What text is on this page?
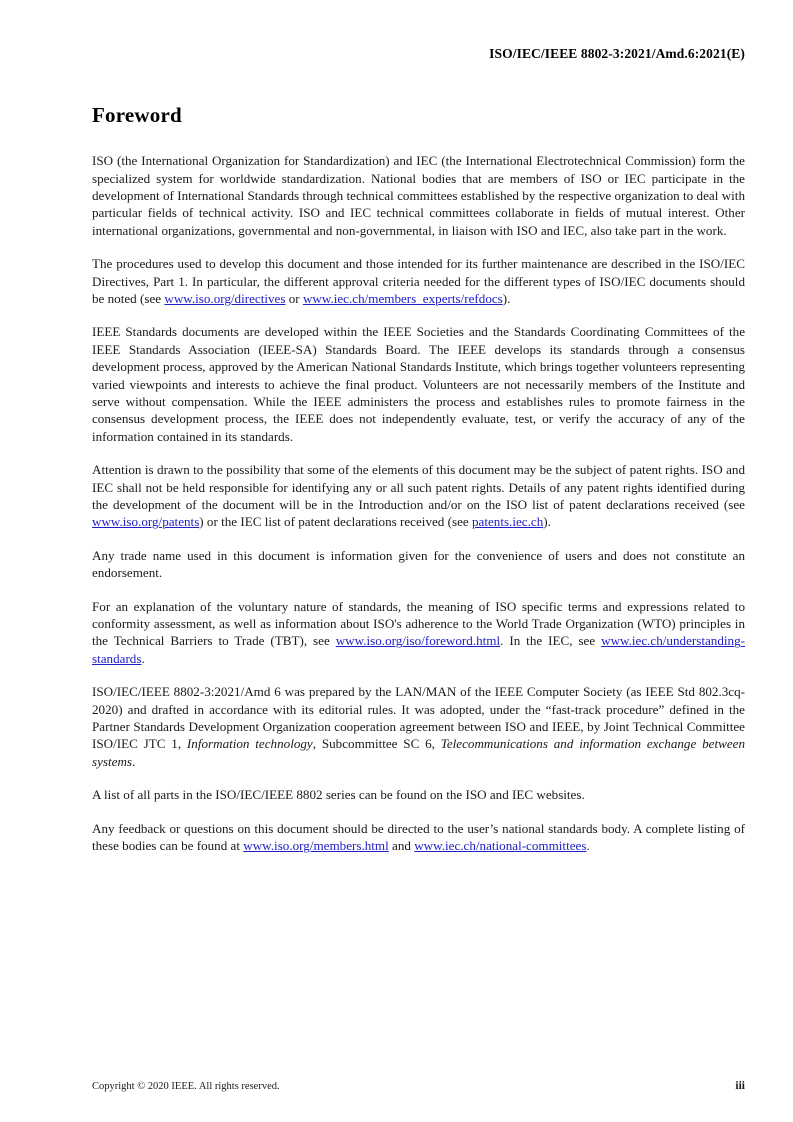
ISO/IEC/IEEE 8802-3:2021/Amd.6:2021(E)
Foreword

ISO (the International Organization for Standardization) and IEC (the International Electrotechnical Commission) form the specialized system for worldwide standardization. National bodies that are members of ISO or IEC participate in the development of International Standards through technical committees established by the respective organization to deal with particular fields of technical activity. ISO and IEC technical committees collaborate in fields of mutual interest. Other international organizations, governmental and non-governmental, in liaison with ISO and IEC, also take part in the work.

The procedures used to develop this document and those intended for its further maintenance are described in the ISO/IEC Directives, Part 1. In particular, the different approval criteria needed for the different types of ISO/IEC documents should be noted (see www.iso.org/directives or www.iec.ch/members_experts/refdocs).

IEEE Standards documents are developed within the IEEE Societies and the Standards Coordinating Committees of the IEEE Standards Association (IEEE-SA) Standards Board. The IEEE develops its standards through a consensus development process, approved by the American National Standards Institute, which brings together volunteers representing varied viewpoints and interests to achieve the final product. Volunteers are not necessarily members of the Institute and serve without compensation. While the IEEE administers the process and establishes rules to promote fairness in the consensus development process, the IEEE does not independently evaluate, test, or verify the accuracy of any of the information contained in its standards.

Attention is drawn to the possibility that some of the elements of this document may be the subject of patent rights. ISO and IEC shall not be held responsible for identifying any or all such patent rights. Details of any patent rights identified during the development of the document will be in the Introduction and/or on the ISO list of patent declarations received (see www.iso.org/patents) or the IEC list of patent declarations received (see patents.iec.ch).

Any trade name used in this document is information given for the convenience of users and does not constitute an endorsement.

For an explanation of the voluntary nature of standards, the meaning of ISO specific terms and expressions related to conformity assessment, as well as information about ISO's adherence to the World Trade Organization (WTO) principles in the Technical Barriers to Trade (TBT), see www.iso.org/iso/foreword.html. In the IEC, see www.iec.ch/understanding-standards.

ISO/IEC/IEEE 8802-3:2021/Amd 6 was prepared by the LAN/MAN of the IEEE Computer Society (as IEEE Std 802.3cq-2020) and drafted in accordance with its editorial rules. It was adopted, under the “fast-track procedure” defined in the Partner Standards Development Organization cooperation agreement between ISO and IEEE, by Joint Technical Committee ISO/IEC JTC 1, Information technology, Subcommittee SC 6, Telecommunications and information exchange between systems.

A list of all parts in the ISO/IEC/IEEE 8802 series can be found on the ISO and IEC websites.

Any feedback or questions on this document should be directed to the user’s national standards body. A complete listing of these bodies can be found at www.iso.org/members.html and www.iec.ch/national-committees.

Copyright © 2020 IEEE. All rights reserved.	iii
